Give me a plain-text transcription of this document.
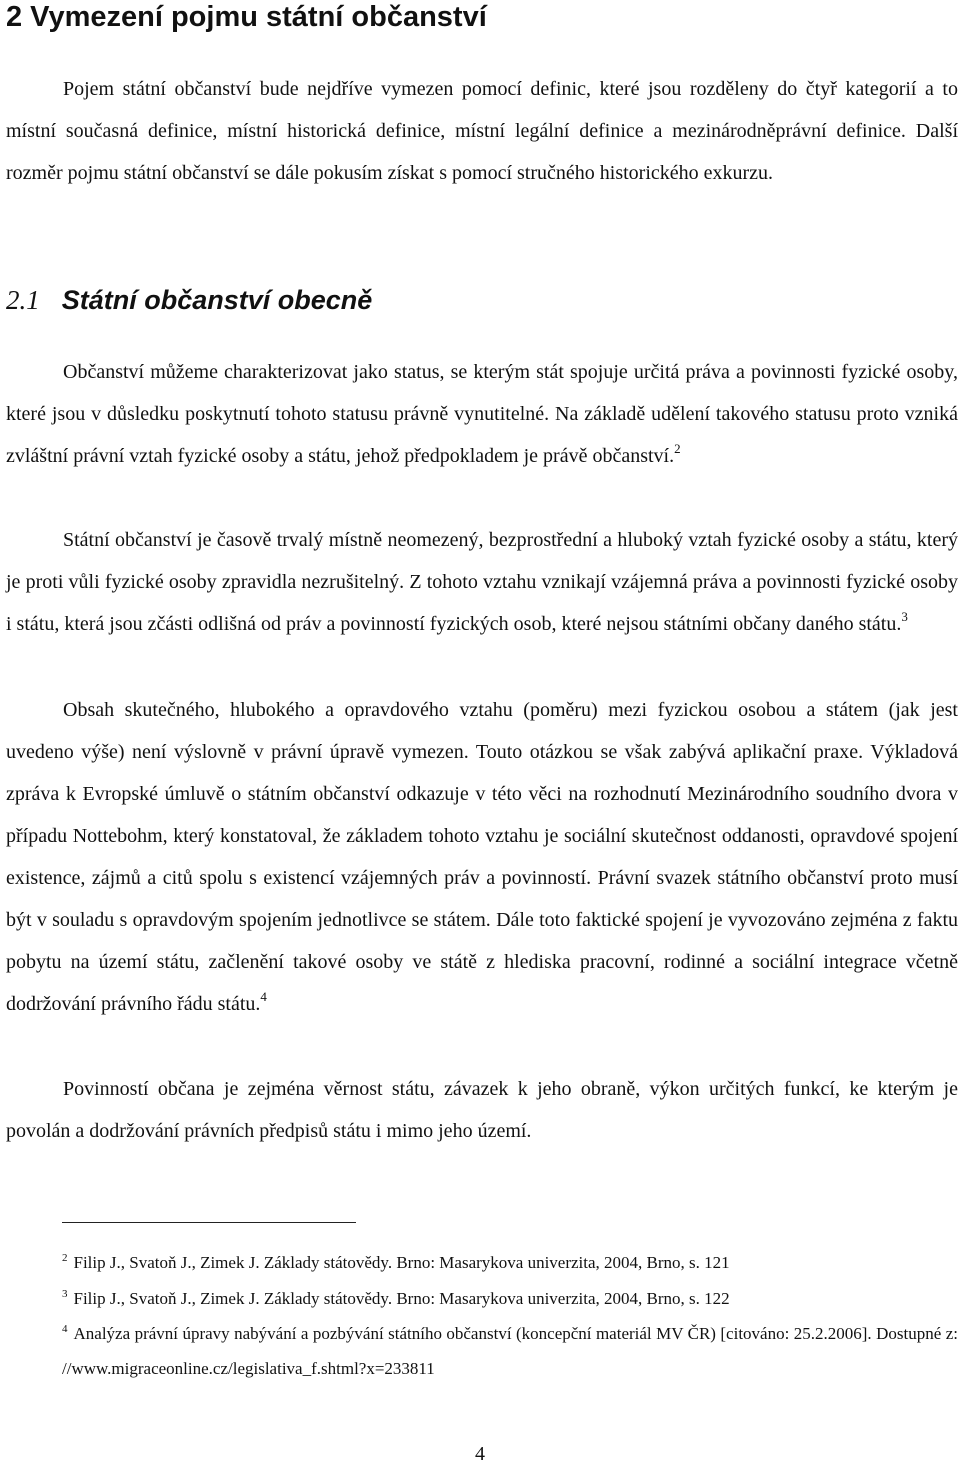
2 Vymezení pojmu státní občanství

Pojem státní občanství bude nejdříve vymezen pomocí definic, které jsou rozděleny do čtyř kategorií a to místní současná definice, místní historická definice, místní legální definice a mezinárodněprávní definice. Další rozměr pojmu státní občanství se dále pokusím získat s pomocí stručného historického exkurzu.

2.1 Státní občanství obecně

Občanství můžeme charakterizovat jako status, se kterým stát spojuje určitá práva a povinnosti fyzické osoby, které jsou v důsledku poskytnutí tohoto statusu právně vynutitelné. Na základě udělení takového statusu proto vzniká zvláštní právní vztah fyzické osoby a státu, jehož předpokladem je právě občanství.$^2$

Státní občanství je časově trvalý místně neomezený, bezprostřední a hluboký vztah fyzické osoby a státu, který je proti vůli fyzické osoby zpravidla nezrušitelný. Z tohoto vztahu vznikají vzájemná práva a povinnosti fyzické osoby i státu, která jsou zčásti odlišná od práv a povinností fyzických osob, které nejsou státními občany daného státu.$^3$

Obsah skutečného, hlubokého a opravdového vztahu (poměru) mezi fyzickou osobou a státem (jak jest uvedeno výše) není výslovně v právní úpravě vymezen. Touto otázkou se však zabývá aplikační praxe. Výkladová zpráva k Evropské úmluvě o státním občanství odkazuje v této věci na rozhodnutí Mezinárodního soudního dvora v případu Nottebohm, který konstatoval, že základem tohoto vztahu je sociální skutečnost oddanosti, opravdové spojení existence, zájmů a citů spolu s existencí vzájemných práv a povinností. Právní svazek státního občanství proto musí být v souladu s opravdovým spojením jednotlivce se státem. Dále toto faktické spojení je vyvozováno zejména z faktu pobytu na území státu, začlenění takové osoby ve státě z hlediska pracovní, rodinné a sociální integrace včetně dodržování právního řádu státu.$^4$

Povinností občana je zejména věrnost státu, závazek k jeho obraně, výkon určitých funkcí, ke kterým je povolán a dodržování právních předpisů státu i mimo jeho území.

$^2$ Filip J., Svatoň J., Zimek J. Základy státovědy. Brno: Masarykova univerzita, 2004, Brno, s. 121

$^3$ Filip J., Svatoň J., Zimek J. Základy státovědy. Brno: Masarykova univerzita, 2004, Brno, s. 122

$^4$ Analýza právní úpravy nabývání a pozbývání státního občanství (koncepční materiál MV ČR) [citováno: 25.2.2006]. Dostupné z: //www.migraceonline.cz/legislativa_f.shtml?x=233811

4
